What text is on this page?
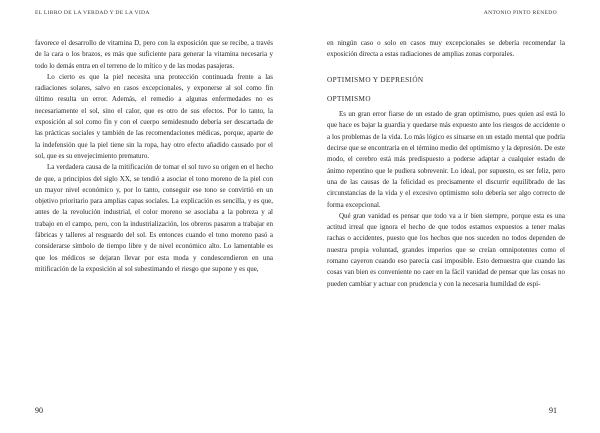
EL LIBRO DE LA VERDAD Y DE LA VIDA

favorece el desarrollo de vitamina D, pero con la exposición que se recibe, a través de la cara o los brazos, es más que suficiente para generar la vitamina necesaria y todo lo demás entra en el terreno de lo mítico y de las modas pasajeras.

Lo cierto es que la piel necesita una protección continuada frente a las radiaciones solares, salvo en casos excepcionales, y exponerse al sol como fin último resulta un error. Además, el remedio a algunas enfermedades no es necesariamente el sol, sino el calor, que es otro de sus efectos. Por lo tanto, la exposición al sol como fin y con el cuerpo semidesnudo debería ser descartada de las prácticas sociales y también de las recomendaciones médicas, porque, aparte de la indefensión que la piel tiene sin la ropa, hay otro efecto añadido causado por el sol, que es su envejecimiento prematuro.

La verdadera causa de la mitificación de tomar el sol tuvo su origen en el hecho de que, a principios del siglo XX, se tendió a asociar el tono moreno de la piel con un mayor nivel económico y, por lo tanto, conseguir ese tono se convirtió en un objetivo prioritario para amplias capas sociales. La explicación es sencilla, y es que, antes de la revolución industrial, el color moreno se asociaba a la pobreza y al trabajo en el campo, pero, con la industrialización, los obreros pasaron a trabajar en fábricas y talleres al resguardo del sol. Es entonces cuando el tono moreno pasó a considerarse símbolo de tiempo libre y de nivel económico alto. Lo lamentable es que los médicos se dejaran llevar por esta moda y condescendieron en una mitificación de la exposición al sol subestimando el riesgo que supone y es que,

90
ANTONIO PINTO RENEDO
91

en ningún caso o solo en casos muy excepcionales se debería recomendar la exposición directa a estas radiaciones de amplias zonas corporales.

OPTIMISMO Y DEPRESIÓN

OPTIMISMO

Es un gran error fiarse de un estado de gran optimismo, pues quien así está lo que hace es bajar la guardia y quedarse más expuesto ante los riesgos de accidente o a los problemas de la vida. Lo más lógico es situarse en un estado mental que podría decirse que se encontraría en el término medio del optimismo y la depresión. De este modo, el cerebro está más predispuesto a poderse adaptar a cualquier estado de ánimo repentino que le pudiera sobrevenir. Lo ideal, por supuesto, es ser feliz, pero una de las causas de la felicidad es precisamente el discurrir equilibrado de las circunstancias de la vida y el excesivo optimismo solo debería ser algo correcto de forma excepcional.

Qué gran vanidad es pensar que todo va a ir bien siempre, porque esta es una actitud irreal que ignora el hecho de que todos estamos expuestos a tener malas rachas o accidentes, puesto que los hechos que nos suceden no todos dependen de nuestra propia voluntad, grandes imperios que se creían omnipotentes como el romano cayeron cuando eso parecía casi imposible. Esto demuestra que cuando las cosas van bien es conveniente no caer en la fácil vanidad de pensar que las cosas no pueden cambiar y actuar con prudencia y con la necesaria humildad de espí-
